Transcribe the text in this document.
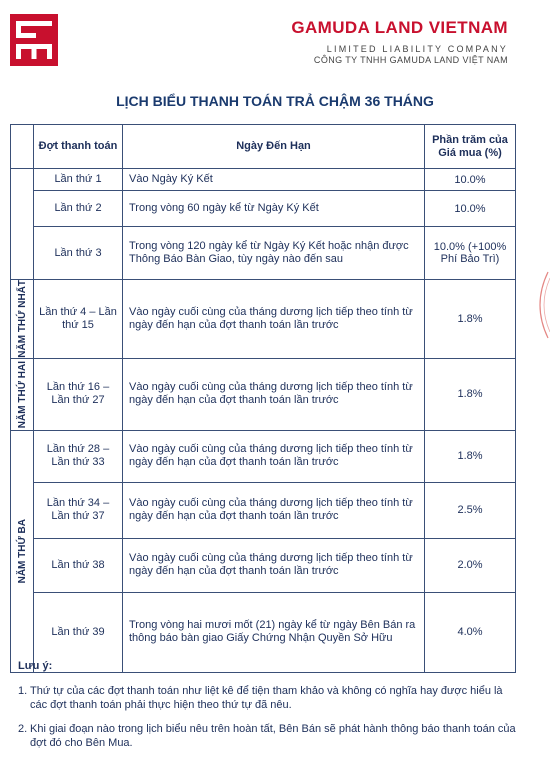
GAMUDA LAND VIETNAM
LIMITED LIABILITY COMPANY
CÔNG TY TNHH GAMUDA LAND VIỆT NAM
LỊCH BIỂU THANH TOÁN TRẢ CHẬM 36 THÁNG
	Đợt thanh toán	Ngày Đến Hạn	Phần trăm của Giá mua (%)
	Lần thứ 1	Vào Ngày Ký Kết	10.0%
	Lần thứ 2	Trong vòng 60 ngày kể từ Ngày Ký Kết	10.0%
	Lần thứ 3	Trong vòng 120 ngày kể từ Ngày Ký Kết hoặc nhận được Thông Báo Bàn Giao, tùy ngày nào đến sau	10.0% (+100% Phí Bảo Trì)

NĂM THỨ NHẤT	Lần thứ 4 – Lần thứ 15	Vào ngày cuối cùng của tháng dương lịch tiếp theo tính từ ngày đến hạn của đợt thanh toán lần trước	1.8%

NĂM THỨ HAI	Lần thứ 16 – Lần thứ 27	Vào ngày cuối cùng của tháng dương lịch tiếp theo tính từ ngày đến hạn của đợt thanh toán lần trước	1.8%

NĂM THỨ BA	Lần thứ 28 – Lần thứ 33	Vào ngày cuối cùng của tháng dương lịch tiếp theo tính từ ngày đến hạn của đợt thanh toán lần trước	1.8%
	Lần thứ 34 – Lần thứ 37	Vào ngày cuối cùng của tháng dương lịch tiếp theo tính từ ngày đến hạn của đợt thanh toán lần trước	2.5%
	Lần thứ 38	Vào ngày cuối cùng của tháng dương lịch tiếp theo tính từ ngày đến hạn của đợt thanh toán lần trước	2.0%
	Lần thứ 39	Trong vòng hai mươi mốt (21) ngày kể từ ngày Bên Bán ra thông báo bàn giao Giấy Chứng Nhận Quyền Sở Hữu	4.0%
Lưu ý:
1. Thứ tự của các đợt thanh toán như liệt kê để tiện tham khảo và không có nghĩa hay được hiểu là các đợt thanh toán phải thực hiện theo thứ tự đã nêu.
2. Khi giai đoạn nào trong lịch biểu nêu trên hoàn tất, Bên Bán sẽ phát hành thông báo thanh toán của đợt đó cho Bên Mua.
